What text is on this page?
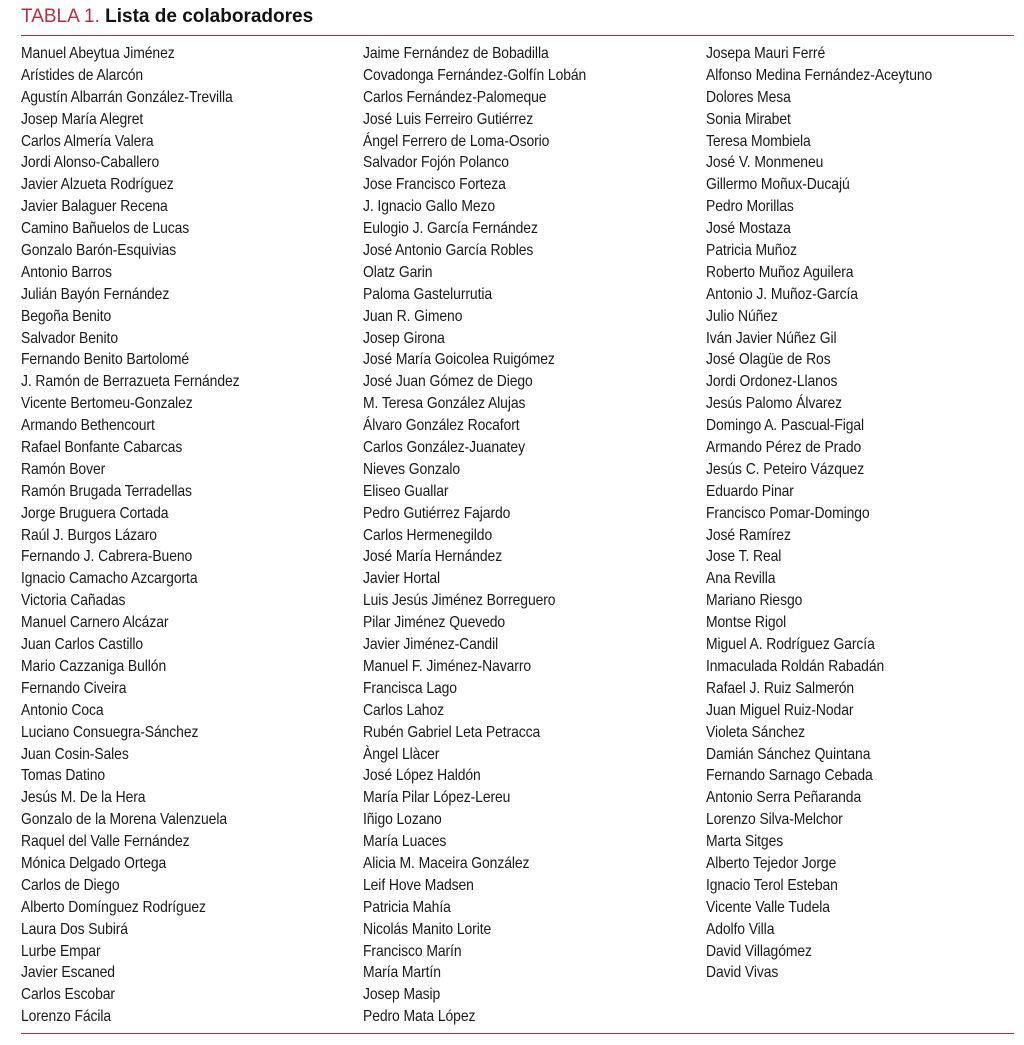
TABLA 1. Lista de colaboradores
Manuel Abeytua Jiménez
Arístides de Alarcón
Agustín Albarrán González-Trevilla
Josep María Alegret
Carlos Almería Valera
Jordi Alonso-Caballero
Javier Alzueta Rodríguez
Javier Balaguer Recena
Camino Bañuelos de Lucas
Gonzalo Barón-Esquivias
Antonio Barros
Julián Bayón Fernández
Begoña Benito
Salvador Benito
Fernando Benito Bartolomé
J. Ramón de Berrazueta Fernández
Vicente Bertomeu-Gonzalez
Armando Bethencourt
Rafael Bonfante Cabarcas
Ramón Bover
Ramón Brugada Terradellas
Jorge Bruguera Cortada
Raúl J. Burgos Lázaro
Fernando J. Cabrera-Bueno
Ignacio Camacho Azcargorta
Victoria Cañadas
Manuel Carnero Alcázar
Juan Carlos Castillo
Mario Cazzaniga Bullón
Fernando Civeira
Antonio Coca
Luciano Consuegra-Sánchez
Juan Cosin-Sales
Tomas Datino
Jesús M. De la Hera
Gonzalo de la Morena Valenzuela
Raquel del Valle Fernández
Mónica Delgado Ortega
Carlos de Diego
Alberto Domínguez Rodríguez
Laura Dos Subirá
Lurbe Empar
Javier Escaned
Carlos Escobar
Lorenzo Fácila
Jaime Fernández de Bobadilla
Covadonga Fernández-Golfín Lobán
Carlos Fernández-Palomeque
José Luis Ferreiro Gutiérrez
Ángel Ferrero de Loma-Osorio
Salvador Fojón Polanco
Jose Francisco Forteza
J. Ignacio Gallo Mezo
Eulogio J. García Fernández
José Antonio García Robles
Olatz Garin
Paloma Gastelurrutia
Juan R. Gimeno
Josep Girona
José María Goicolea Ruigómez
José Juan Gómez de Diego
M. Teresa González Alujas
Álvaro González Rocafort
Carlos González-Juanatey
Nieves Gonzalo
Eliseo Guallar
Pedro Gutiérrez Fajardo
Carlos Hermenegildo
José María Hernández
Javier Hortal
Luis Jesús Jiménez Borreguero
Pilar Jiménez Quevedo
Javier Jiménez-Candil
Manuel F. Jiménez-Navarro
Francisca Lago
Carlos Lahoz
Rubén Gabriel Leta Petracca
Àngel Llàcer
José López Haldón
María Pilar López-Lereu
Iñigo Lozano
María Luaces
Alicia M. Maceira González
Leif Hove Madsen
Patricia Mahía
Nicolás Manito Lorite
Francisco Marín
María Martín
Josep Masip
Pedro Mata López
Josepa Mauri Ferré
Alfonso Medina Fernández-Aceytuno
Dolores Mesa
Sonia Mirabet
Teresa Mombiela
José V. Monmeneu
Gillermo Moñux-Ducajú
Pedro Morillas
José Mostaza
Patricia Muñoz
Roberto Muñoz Aguilera
Antonio J. Muñoz-García
Julio Núñez
Iván Javier Núñez Gil
José Olagüe de Ros
Jordi Ordonez-Llanos
Jesús Palomo Álvarez
Domingo A. Pascual-Figal
Armando Pérez de Prado
Jesús C. Peteiro Vázquez
Eduardo Pinar
Francisco Pomar-Domingo
José Ramírez
Jose T. Real
Ana Revilla
Mariano Riesgo
Montse Rigol
Miguel A. Rodríguez García
Inmaculada Roldán Rabadán
Rafael J. Ruiz Salmerón
Juan Miguel Ruiz-Nodar
Violeta Sánchez
Damián Sánchez Quintana
Fernando Sarnago Cebada
Antonio Serra Peñaranda
Lorenzo Silva-Melchor
Marta Sitges
Alberto Tejedor Jorge
Ignacio Terol Esteban
Vicente Valle Tudela
Adolfo Villa
David Villagómez
David Vivas
